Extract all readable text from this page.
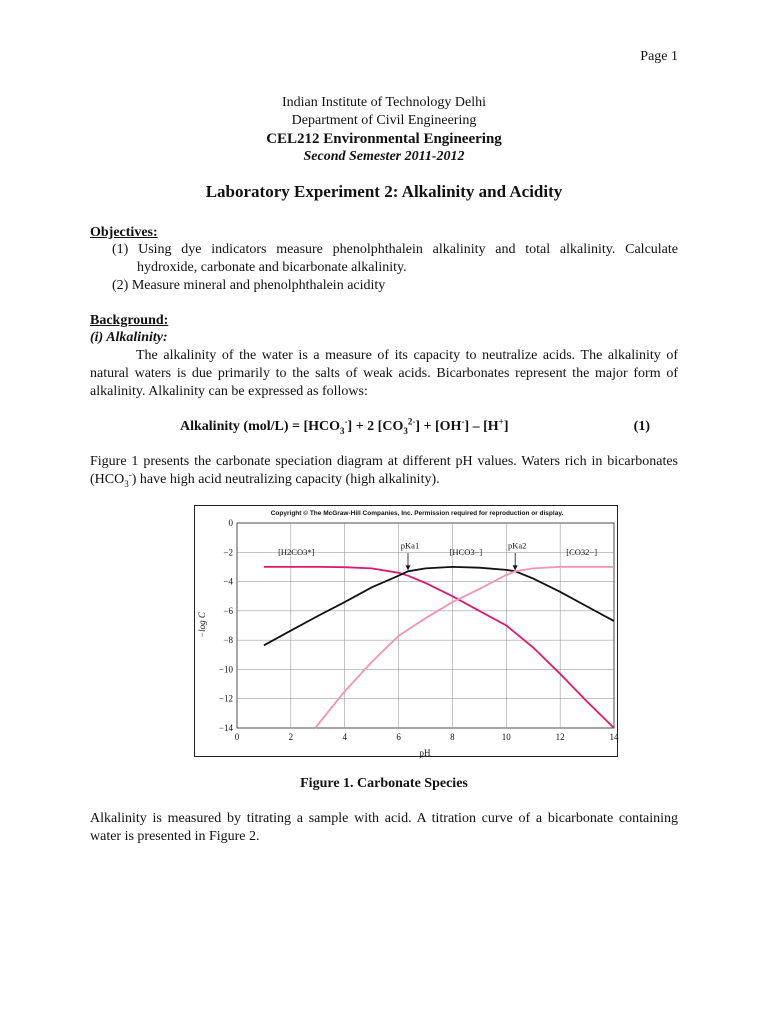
Page 1
Indian Institute of Technology Delhi
Department of Civil Engineering
CEL212 Environmental Engineering
Second Semester 2011-2012
Laboratory Experiment 2: Alkalinity and Acidity
Objectives:
(1) Using dye indicators measure phenolphthalein alkalinity and total alkalinity. Calculate hydroxide, carbonate and bicarbonate alkalinity.
(2) Measure mineral and phenolphthalein acidity
Background:
(i) Alkalinity:

The alkalinity of the water is a measure of its capacity to neutralize acids. The alkalinity of natural waters is due primarily to the salts of weak acids. Bicarbonates represent the major form of alkalinity. Alkalinity can be expressed as follows:

Alkalinity $(mol/L) = [HCO_3^-] + 2$ $[CO_3^{2-}] + [OH^-] - [H^+]$	(1)
Figure 1 presents the carbonate speciation diagram at different pH values. Waters rich in bicarbonates $(HCO_3^-)$ have high acid neutralizing capacity (high alkalinity).
Copyright © The McGraw-Hill Companies, Inc. Permission required for reproduction or display.
0	2	4	6	8	10	12	14
0
−2
−4
−6
−8
−10
−12
−14
[H2CO3*]	[HCO3−]	[CO32−]
pKa1	pKa2
pH
−log C
Figure 1. Carbonate Species
Alkalinity is measured by titrating a sample with acid. A titration curve of a bicarbonate containing water is presented in Figure 2.
